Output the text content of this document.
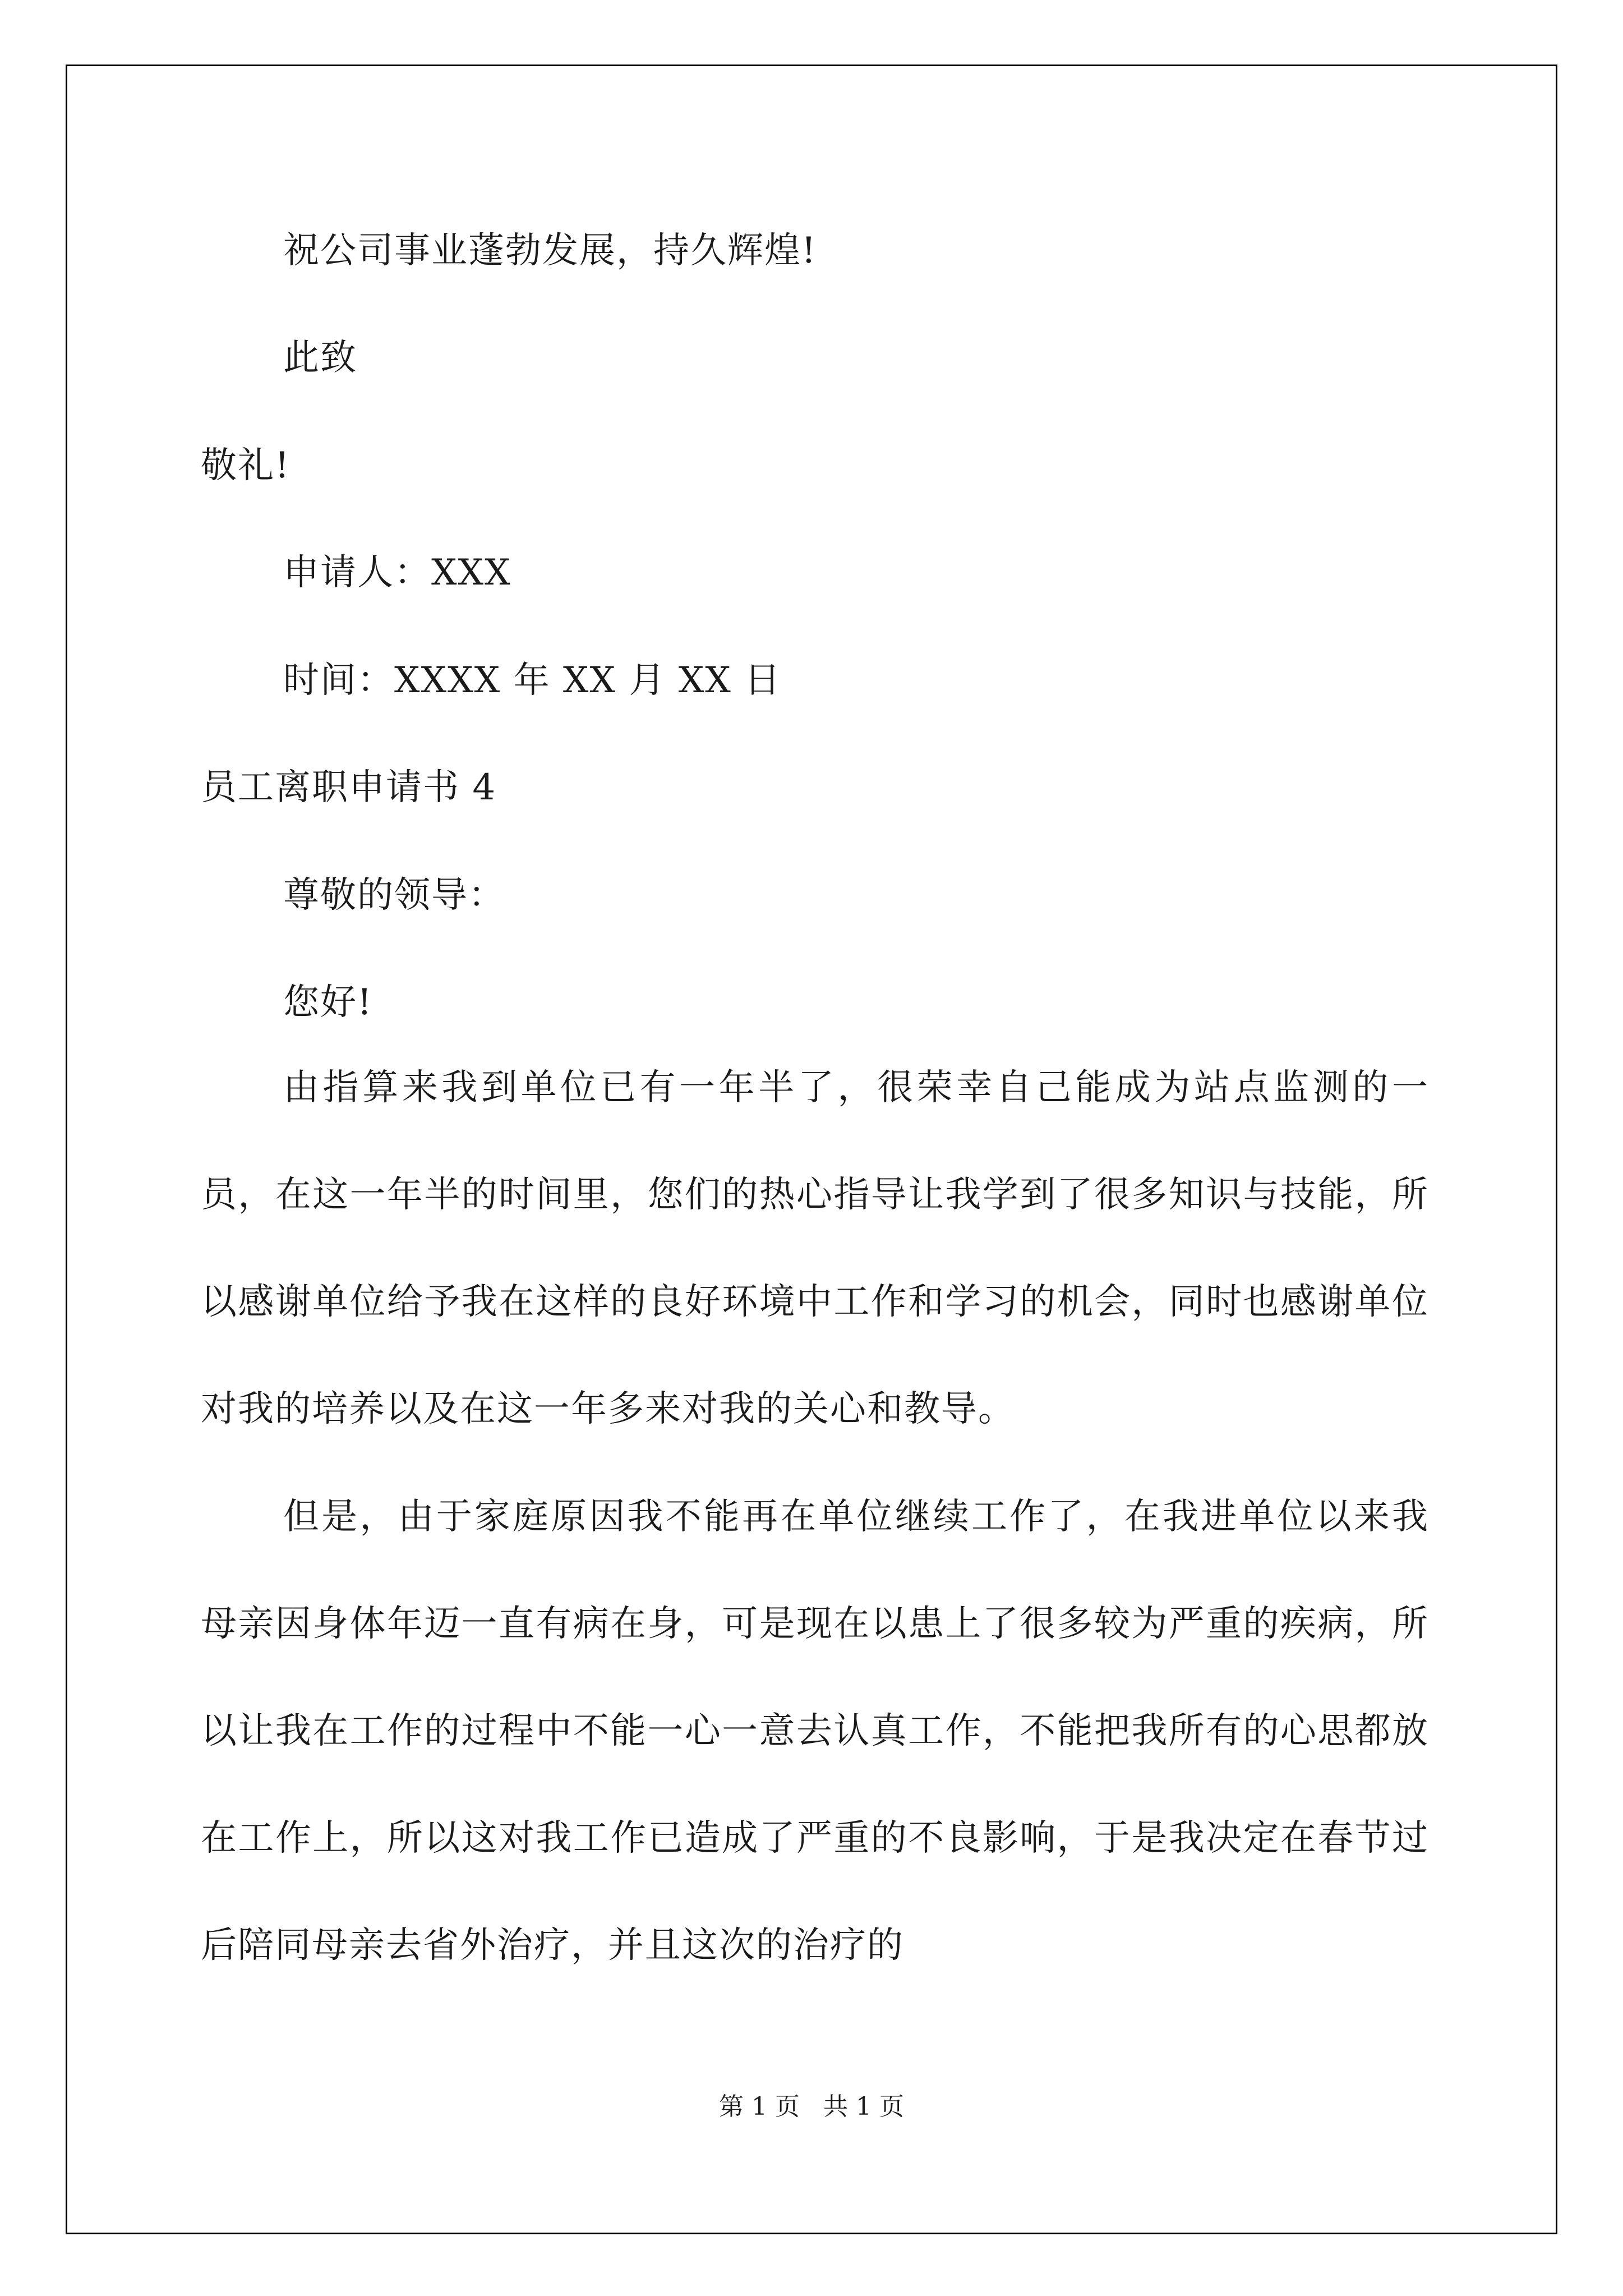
祝公司事业蓬勃发展，持久辉煌!
此致
敬礼!
申请人：XXX
时间：XXXX 年 XX 月 XX 日
员工离职申请书 4
尊敬的领导：
您好!
由指算来我到单位已有一年半了，很荣幸自己能成为站点监测的一员，在这一年半的时间里，您们的热心指导让我学到了很多知识与技能，所以感谢单位给予我在这样的良好环境中工作和学习的机会，同时也感谢单位对我的培养以及在这一年多来对我的关心和教导。
但是，由于家庭原因我不能再在单位继续工作了，在我进单位以来我母亲因身体年迈一直有病在身，可是现在以患上了很多较为严重的疾病，所以让我在工作的过程中不能一心一意去认真工作，不能把我所有的心思都放在工作上，所以这对我工作已造成了严重的不良影响，于是我决定在春节过后陪同母亲去省外治疗，并且这次的治疗的
第 1 页   共 1 页
